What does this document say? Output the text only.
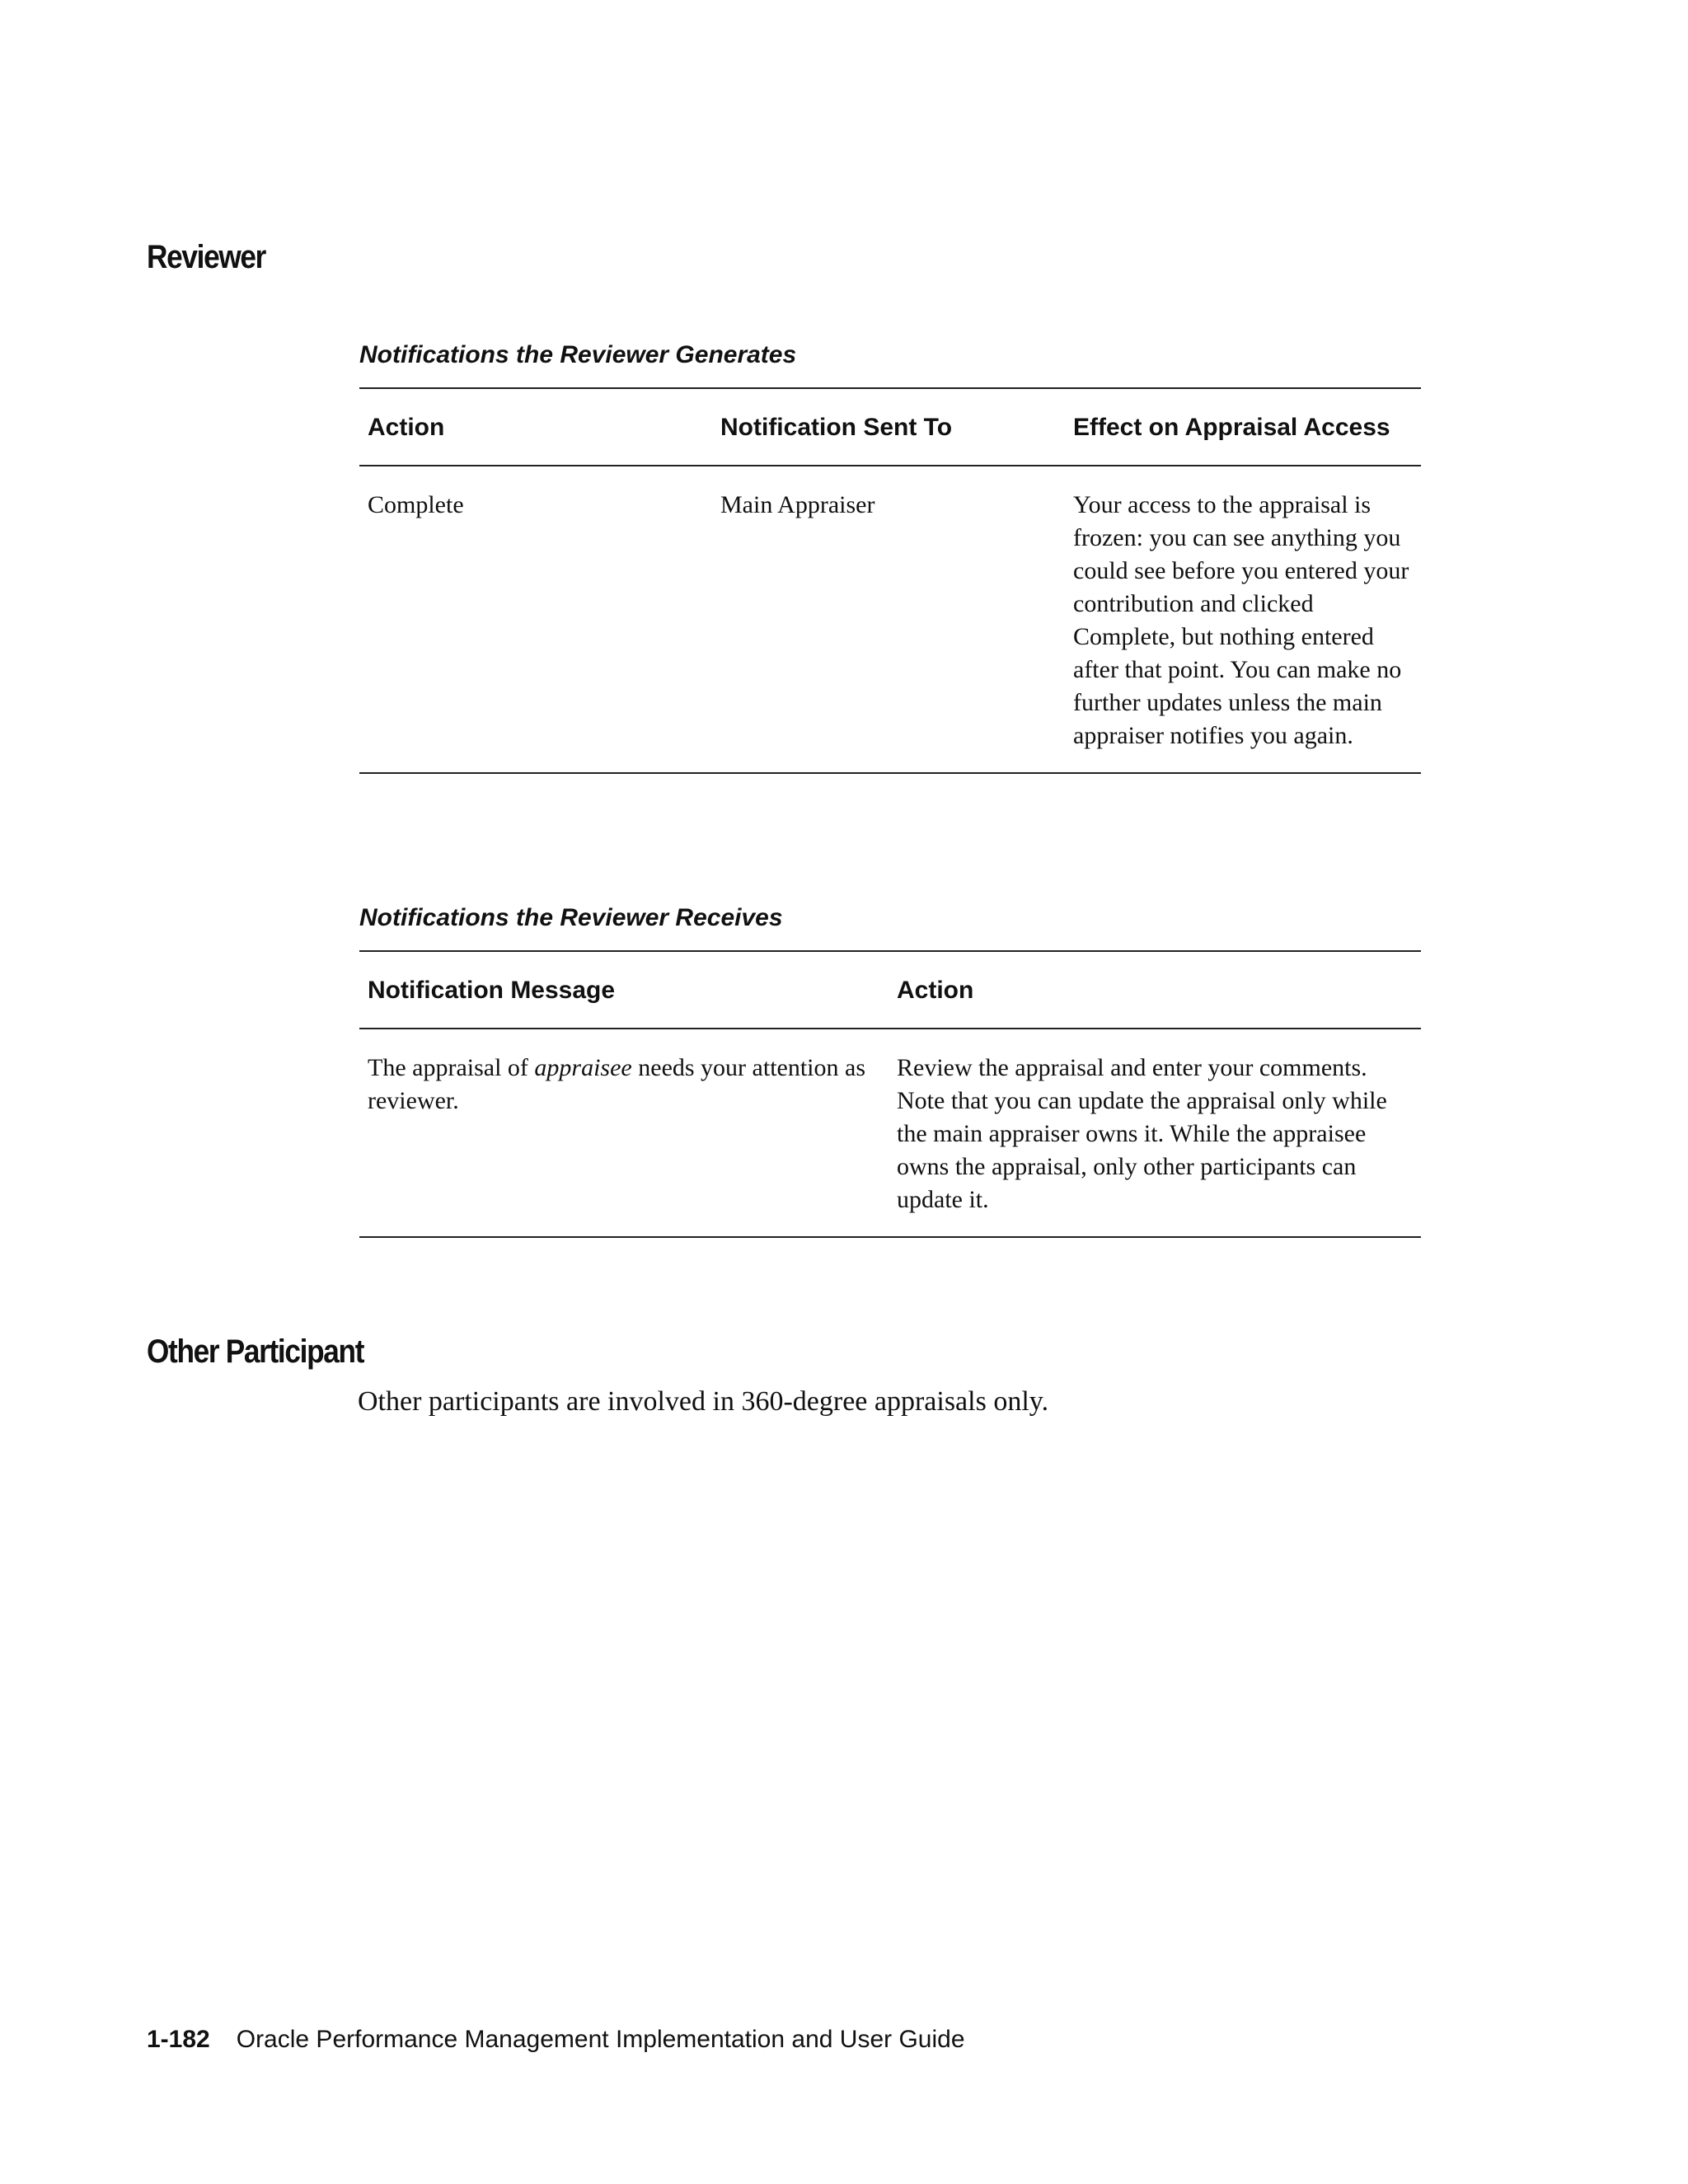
Reviewer
Notifications the Reviewer Generates
Action	Notification Sent To	Effect on Appraisal Access
Complete	Main Appraiser	Your access to the appraisal is frozen: you can see anything you could see before you entered your contribution and clicked Complete, but nothing entered after that point. You can make no further updates unless the main appraiser notifies you again.
Notifications the Reviewer Receives
Notification Message	Action
The appraisal of appraisee needs your attention as reviewer.	Review the appraisal and enter your comments. Note that you can update the appraisal only while the main appraiser owns it. While the appraisee owns the appraisal, only other participants can update it.
Other Participant

Other participants are involved in 360-degree appraisals only.

1-182 Oracle Performance Management Implementation and User Guide
